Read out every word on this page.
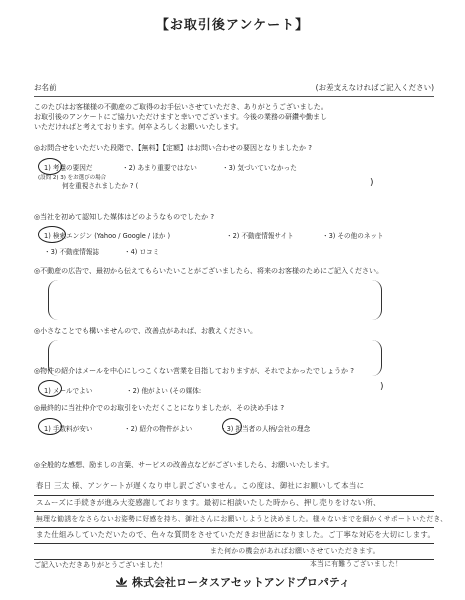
【お取引後アンケート】
お名前	(お差支えなければご記入ください)
このたびはお客様様の不動産のご取得のお手伝いさせていただき、ありがとうございました。
お取引後のアンケートにご協力いただけますと幸いでございます。今後の業務の研鑽や勤まし
いただければと考えております。何卒よろしくお願いいたします。
◎お問合せをいただいた段階で、【無料】【定額】はお問い合わせの要因となりましたか ?
1) 考慮の要因だ	・2) あまり重要ではない	・3) 気づいていなかった
(設問 2) 3) をお選びの場合
何を重視されましたか ? (	)
◎当社を初めて認知した媒体はどのようなものでしたか ?
1) 検索エンジン (Yahoo / Google / ほか )	・2) 不動産情報サイト	・3) その他のネット
・3) 不動産情報誌	・4) ロコミ
◎不動産の広告で、最初から伝えてもらいたいことがございましたら、将来のお客様のためにご記入ください。
◎小さなことでも構いませんので、改善点があれば、お教えください。
◎物件の紹介はメールを中心にしつこくない営業を目指しておりますが、それでよかったでしょうか ?
1) メールでよい	・2) 他がよい (その媒体:	)
◎最終的に当社仲介でのお取引をいただくことになりましたが、その決め手は ?
1) 手数料が安い	・2) 紹介の物件がよい	・3) 担当者の人柄/会社の理念
◎全般的な感想、励ましの言葉、サービスの改善点などがございましたら、お願いいたします。
春日 三太 様、アンケートが遅くなり申し訳ございません。この度は、御社にお願いして本当に
スムーズに手続きが進み大変感謝しております。最初に相談いたした時から、押し売りをけない所、
無理な勧誘をなさらないお姿勢に好感を持ち、御社さんにお願いしようと決めました。様々ないまでを細かくサポートいただき、
また仕組みしていただいたので、色々な質問をさせていただきお世話になりました。ご丁寧な対応を大切にします。
また何かの機会があればお願いさせていただきます。
本当に有難うございました！
ご記入いただきありがとうございました！
株式会社ロータスアセットアンドプロパティ
